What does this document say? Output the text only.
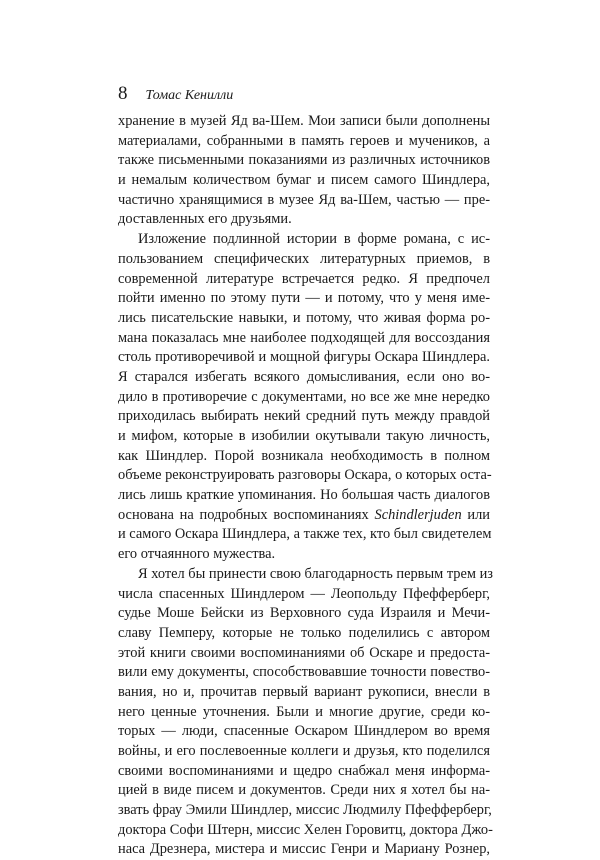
8 Томас Кенилли
хранение в музей Яд ва-Шем. Мои записи были дополнены
материалами, собранными в память героев и мучеников, а
также письменными показаниями из различных источников
и немалым количеством бумаг и писем самого Шиндлера,
частично хранящимися в музее Яд ва-Шем, частью — пре-
доставленных его друзьями.
Изложение подлинной истории в форме романа, с ис-
пользованием специфических литературных приемов, в
современной литературе встречается редко. Я предпочел
пойти именно по этому пути — и потому, что у меня име-
лись писательские навыки, и потому, что живая форма ро-
мана показалась мне наиболее подходящей для воссоздания
столь противоречивой и мощной фигуры Оскара Шиндлера.
Я старался избегать всякого домысливания, если оно во-
дило в противоречие с документами, но все же мне нередко
приходилась выбирать некий средний путь между правдой
и мифом, которые в изобилии окутывали такую личность,
как Шиндлер. Порой возникала необходимость в полном
объеме реконструировать разговоры Оскара, о которых оста-
лись лишь краткие упоминания. Но большая часть диалогов
основана на подробных воспоминаниях Schindlerjuden или
и самого Оскара Шиндлера, а также тех, кто был свидетелем
его отчаянного мужества.
Я хотел бы принести свою благодарность первым трем из
числа спасенных Шиндлером — Леопольду Пфефферберг,
судье Моше Бейски из Верховного суда Израиля и Мечи-
славу Пемперу, которые не только поделились с автором
этой книги своими воспоминаниями об Оскаре и предоста-
вили ему документы, способствовавшие точности повество-
вания, но и, прочитав первый вариант рукописи, внесли в
него ценные уточнения. Были и многие другие, среди ко-
торых — люди, спасенные Оскаром Шиндлером во время
войны, и его послевоенные коллеги и друзья, кто поделился
своими воспоминаниями и щедро снабжал меня информа-
цией в виде писем и документов. Среди них я хотел бы на-
звать фрау Эмили Шиндлер, миссис Людмилу Пфефферберг,
доктора Софи Штерн, миссис Хелен Горовитц, доктора Джо-
наса Дрезнера, мистера и миссис Генри и Мариану Рознер,
